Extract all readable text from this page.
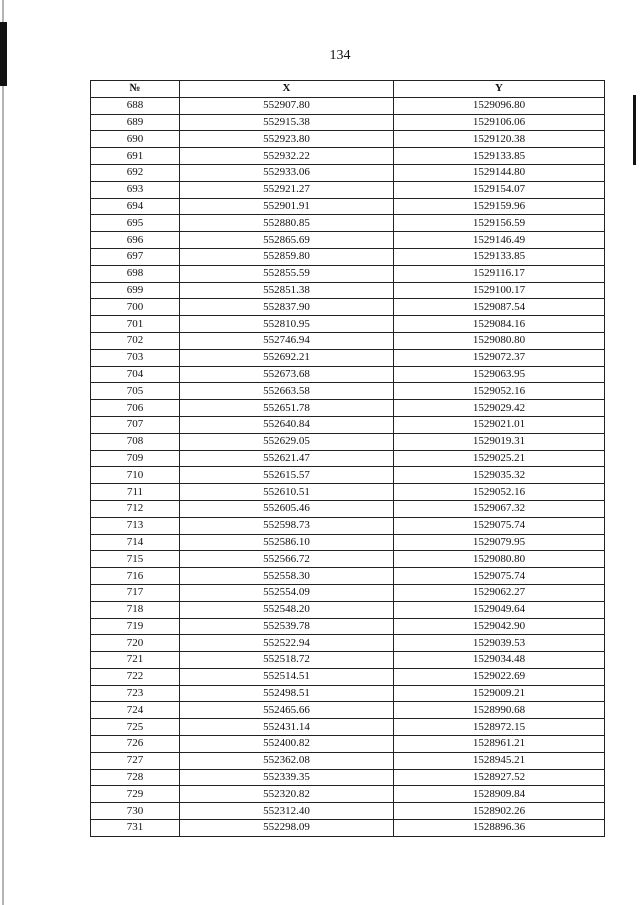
134
№	X	Y
688	552907.80	1529096.80
689	552915.38	1529106.06
690	552923.80	1529120.38
691	552932.22	1529133.85
692	552933.06	1529144.80
693	552921.27	1529154.07
694	552901.91	1529159.96
695	552880.85	1529156.59
696	552865.69	1529146.49
697	552859.80	1529133.85
698	552855.59	1529116.17
699	552851.38	1529100.17
700	552837.90	1529087.54
701	552810.95	1529084.16
702	552746.94	1529080.80
703	552692.21	1529072.37
704	552673.68	1529063.95
705	552663.58	1529052.16
706	552651.78	1529029.42
707	552640.84	1529021.01
708	552629.05	1529019.31
709	552621.47	1529025.21
710	552615.57	1529035.32
711	552610.51	1529052.16
712	552605.46	1529067.32
713	552598.73	1529075.74
714	552586.10	1529079.95
715	552566.72	1529080.80
716	552558.30	1529075.74
717	552554.09	1529062.27
718	552548.20	1529049.64
719	552539.78	1529042.90
720	552522.94	1529039.53
721	552518.72	1529034.48
722	552514.51	1529022.69
723	552498.51	1529009.21
724	552465.66	1528990.68
725	552431.14	1528972.15
726	552400.82	1528961.21
727	552362.08	1528945.21
728	552339.35	1528927.52
729	552320.82	1528909.84
730	552312.40	1528902.26
731	552298.09	1528896.36
